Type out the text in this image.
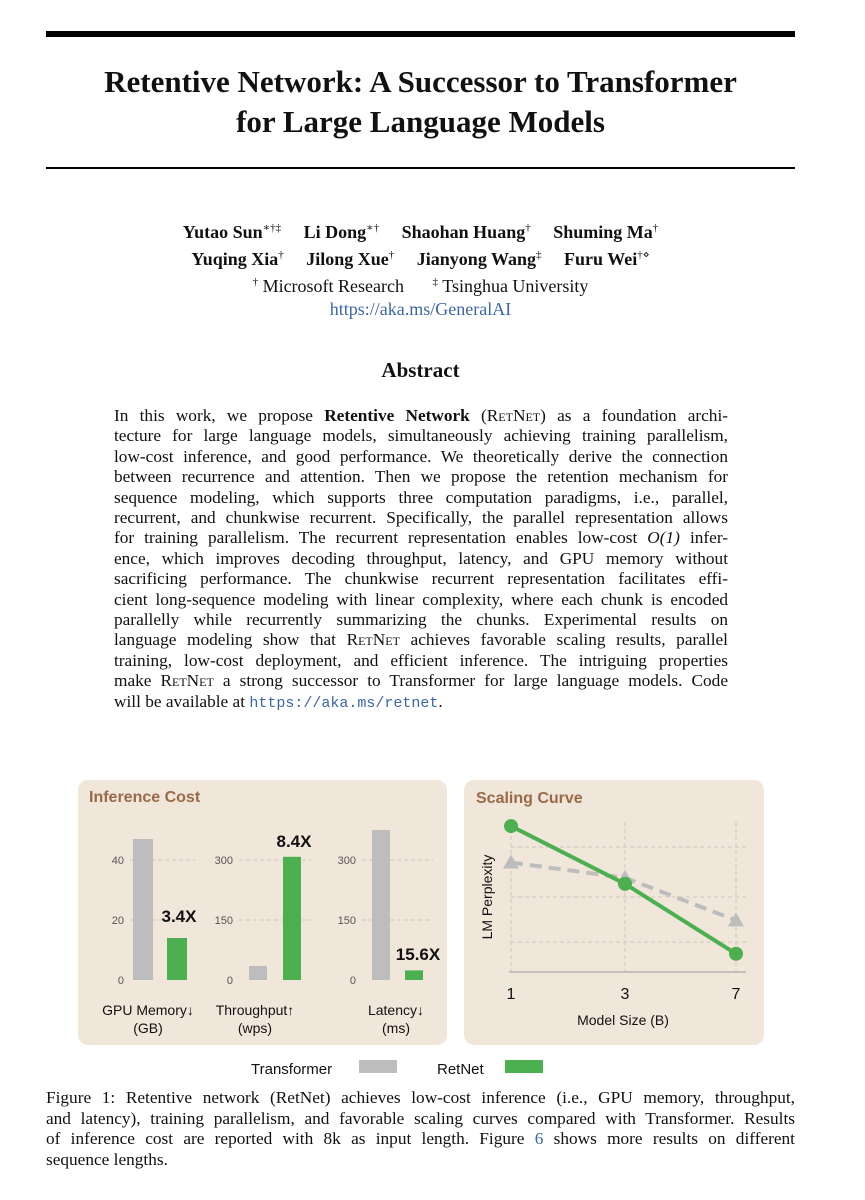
Retentive Network: A Successor to Transformer
for Large Language Models
Yutao Sun∗†‡ Li Dong∗† Shaohan Huang† Shuming Ma†
Yuqing Xia† Jilong Xue† Jianyong Wang‡ Furu Wei†⋄
† Microsoft Research	‡ Tsinghua University
https://aka.ms/GeneralAI
Abstract
In this work, we propose Retentive Network (RetNet) as a foundation archi-
tecture for large language models, simultaneously achieving training parallelism,
low-cost inference, and good performance. We theoretically derive the connection
between recurrence and attention. Then we propose the retention mechanism for
sequence modeling, which supports three computation paradigms, i.e., parallel,
recurrent, and chunkwise recurrent. Specifically, the parallel representation allows
for training parallelism. The recurrent representation enables low-cost O(1) infer-
ence, which improves decoding throughput, latency, and GPU memory without
sacrificing performance. The chunkwise recurrent representation facilitates effi-
cient long-sequence modeling with linear complexity, where each chunk is encoded
parallelly while recurrently summarizing the chunks. Experimental results on
language modeling show that RetNet achieves favorable scaling results, parallel
training, low-cost deployment, and efficient inference. The intriguing properties
make RetNet a strong successor to Transformer for large language models. Code
will be available at https://aka.ms/retnet.
Inference Cost	Scaling Curve
0
20
40
3.4X
GPU Memory↓
(GB)
0
150
300
8.4X
Throughput↑
(wps)
0
150
300
15.6X
Latency↓
(ms)
1	3	7
Model Size (B)
LM Perplexity
Transformer	RetNet
Figure 1: Retentive network (RetNet) achieves low-cost inference (i.e., GPU memory, throughput,
and latency), training parallelism, and favorable scaling curves compared with Transformer. Results
of inference cost are reported with 8k as input length. Figure 6 shows more results on different
sequence lengths.
